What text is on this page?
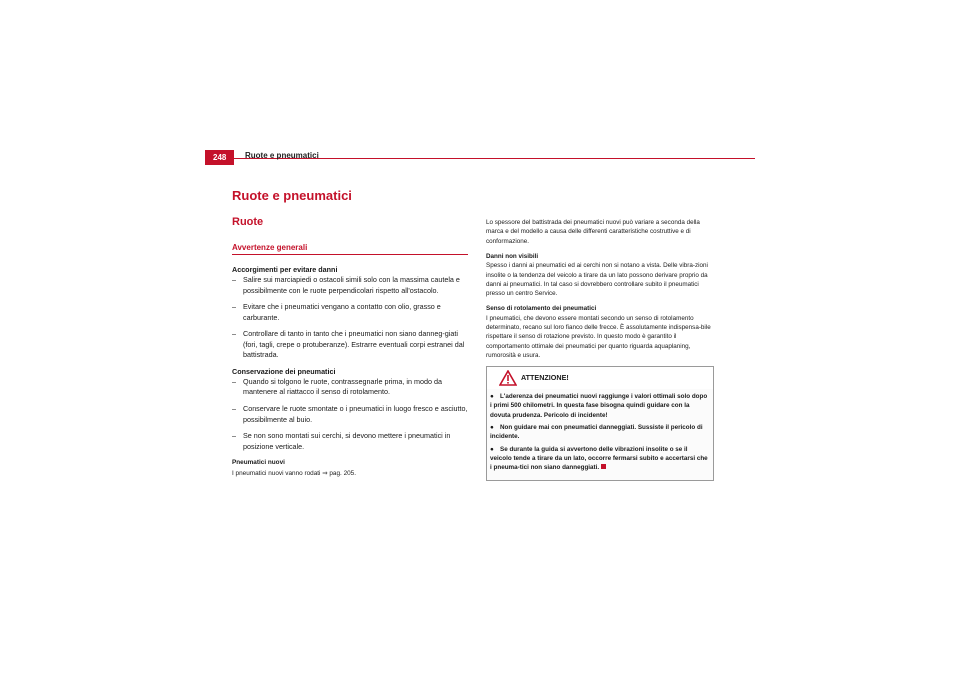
248	Ruote e pneumatici
Ruote e pneumatici
Ruote
Avvertenze generali

Accorgimenti per evitare danni

– Salire sui marciapiedi o ostacoli simili solo con la massima cautela e possibilmente con le ruote perpendicolari rispetto all'ostacolo.
– Evitare che i pneumatici vengano a contatto con olio, grasso e carburante.
– Controllare di tanto in tanto che i pneumatici non siano danneg-giati (fori, tagli, crepe o protuberanze). Estrarre eventuali corpi estranei dal battistrada.

Conservazione dei pneumatici

– Quando si tolgono le ruote, contrassegnarle prima, in modo da mantenere al riattacco il senso di rotolamento.
– Conservare le ruote smontate o i pneumatici in luogo fresco e asciutto, possibilmente al buio.
– Se non sono montati sui cerchi, si devono mettere i pneumatici in posizione verticale.
Pneumatici nuovi
I pneumatici nuovi vanno rodati ⇒ pag. 205.

Lo spessore del battistrada dei pneumatici nuovi può variare a seconda della marca e del modello a causa delle differenti caratteristiche costruttive e di conformazione.

Danni non visibili

Spesso i danni ai pneumatici ed ai cerchi non si notano a vista. Delle vibra-zioni insolite o la tendenza del veicolo a tirare da un lato possono derivare proprio da danni ai pneumatici. In tal caso si dovrebbero controllare subito il pneumatici presso un centro Service.

Senso di rotolamento dei pneumatici

I pneumatici, che devono essere montati secondo un senso di rotolamento determinato, recano sul loro fianco delle frecce. È assolutamente indispensa-bile rispettare il senso di rotazione previsto. In questo modo è garantito il comportamento ottimale dei pneumatici per quanto riguarda aquaplaning, rumorosità e usura.

ATTENZIONE!

● L'aderenza dei pneumatici nuovi raggiunge i valori ottimali solo dopo i primi 500 chilometri. In questa fase bisogna quindi guidare con la dovuta prudenza. Pericolo di incidente!

● Non guidare mai con pneumatici danneggiati. Sussiste il pericolo di incidente.

● Se durante la guida si avvertono delle vibrazioni insolite o se il veicolo tende a tirare da un lato, occorre fermarsi subito e accertarsi che i pneuma-tici non siano danneggiati.
